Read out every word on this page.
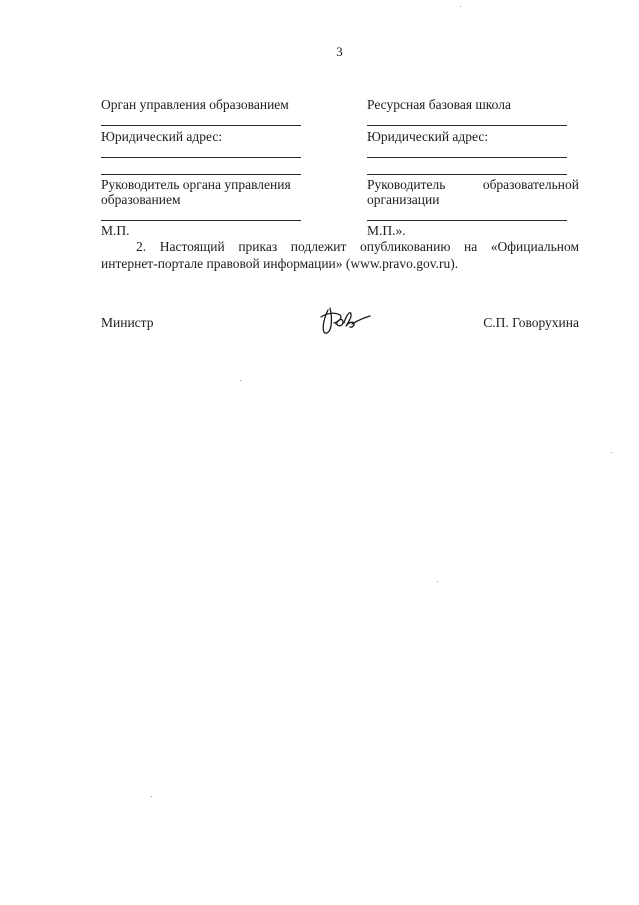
3
Орган управления образованием
Юридический адрес:
Руководитель органа управления
образованием
М.П.
Ресурсная базовая школа
Юридический адрес:
Руководитель	образовательной
организации
М.П.».
2. Настоящий приказ подлежит опубликованию на «Официальном
интернет-портале правовой информации» (www.pravo.gov.ru).
Министр	С.П. Говорухина
